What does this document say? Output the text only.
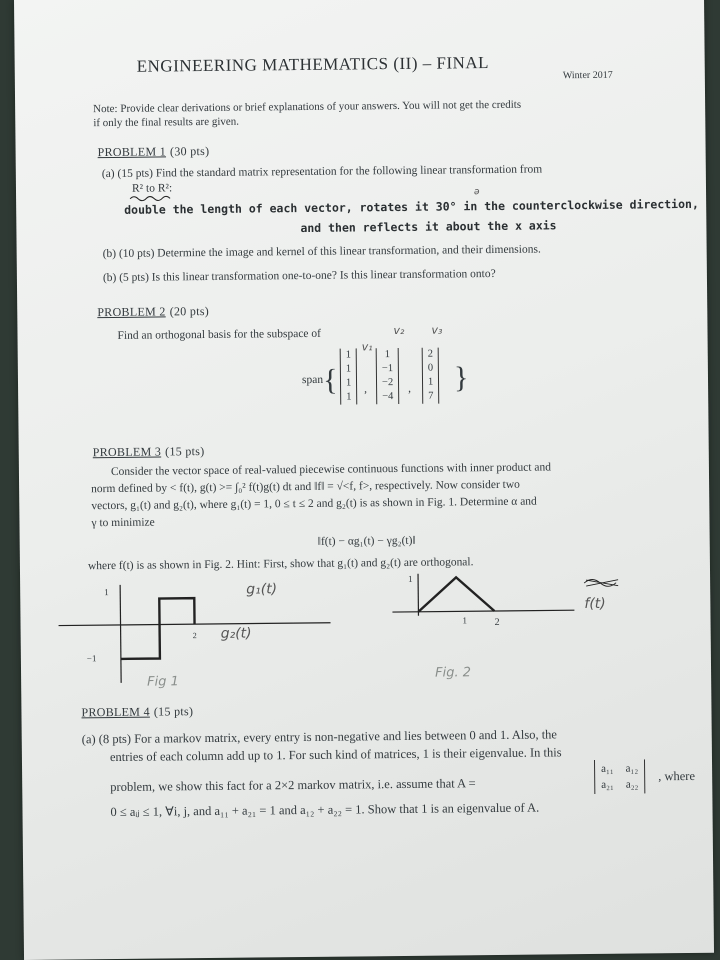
ENGINEERING MATHEMATICS (II) – FINAL	Winter 2017
Note: Provide clear derivations or brief explanations of your answers. You will not get the credits
if only the final results are given.
PROBLEM 1 (30 pts)
(a) (15 pts) Find the standard matrix representation for the following linear transformation from
R² to R²:	ǝ
double the length of each vector, rotates it 30° in the counterclockwise direction,
and then reflects it about the x axis
(b) (10 pts) Determine the image and kernel of this linear transformation, and their dimensions.
(b) (5 pts) Is this linear transformation one-to-one? Is this linear transformation onto?
PROBLEM 2 (20 pts)
Find an orthogonal basis for the subspace of
v₁
v₂ v₃
span{
1
1
1
1
,
1
−1
−2
−4
,
2
0
1
7
}
PROBLEM 3 (15 pts)
Consider the vector space of real-valued piecewise continuous functions with inner product and
norm defined by < f(t), g(t) >= ∫₀² f(t)g(t) dt and ‖f‖ = √<f, f>, respectively. Now consider two
vectors, g₁(t) and g₂(t), where g₁(t) = 1, 0 ≤ t ≤ 2 and g₂(t) is as shown in Fig. 1. Determine α and
γ to minimize
‖f(t) − αg₁(t) − γg₂(t)‖
where f(t) is as shown in Fig. 2. Hint: First, show that g₁(t) and g₂(t) are orthogonal.
1
−1
2
g₁(t)
g₂(t)
Fig 1
1
1	2
f(t)
Fig. 2
PROBLEM 4 (15 pts)
(a) (8 pts) For a markov matrix, every entry is non-negative and lies between 0 and 1. Also, the
entries of each column add up to 1. For such kind of matrices, 1 is their eigenvalue. In this
problem, we show this fact for a 2×2 markov matrix, i.e. assume that A =
a₁₁ a₁₂
a₂₁ a₂₂
, where
0 ≤ aᵢⱼ ≤ 1, ∀i, j, and a₁₁ + a₂₁ = 1 and a₁₂ + a₂₂ = 1. Show that 1 is an eigenvalue of A.
